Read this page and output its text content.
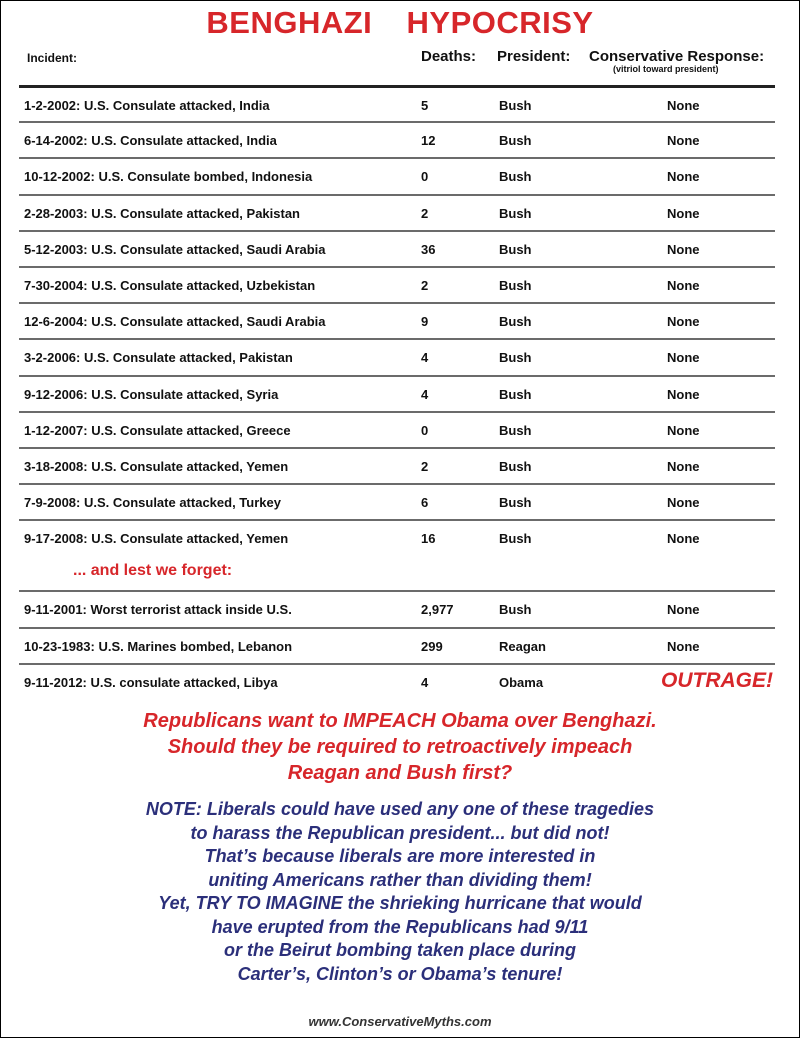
BENGHAZI  HYPOCRISY
Incident:	Deaths: President: Conservative Response:
(vitriol toward president)
1-2-2002: U.S. Consulate attacked, India	5	Bush	None
6-14-2002: U.S. Consulate attacked, India	12	Bush	None
10-12-2002: U.S. Consulate bombed, Indonesia	0	Bush	None
2-28-2003: U.S. Consulate attacked, Pakistan	2	Bush	None
5-12-2003: U.S. Consulate attacked, Saudi Arabia	36	Bush	None
7-30-2004: U.S. Consulate attacked, Uzbekistan	2	Bush	None
12-6-2004: U.S. Consulate attacked, Saudi Arabia	9	Bush	None
3-2-2006: U.S. Consulate attacked, Pakistan	4	Bush	None
9-12-2006: U.S. Consulate attacked, Syria	4	Bush	None
1-12-2007: U.S. Consulate attacked, Greece	0	Bush	None
3-18-2008: U.S. Consulate attacked, Yemen	2	Bush	None
7-9-2008: U.S. Consulate attacked, Turkey	6	Bush	None
9-17-2008: U.S. Consulate attacked, Yemen	16	Bush	None
9-11-2001: Worst terrorist attack inside U.S.	2,977	Bush	None
10-23-1983: U.S. Marines bombed, Lebanon	299	Reagan	None
9-11-2012: U.S. consulate attacked, Libya	4	Obama	OUTRAGE!
... and lest we forget:
Republicans want to IMPEACH Obama over Benghazi.
Should they be required to retroactively impeach
Reagan and Bush first?
NOTE: Liberals could have used any one of these tragedies
to harass the Republican president... but did not!
That’s because liberals are more interested in
uniting Americans rather than dividing them!
Yet, TRY TO IMAGINE the shrieking hurricane that would
have erupted from the Republicans had 9/11
or the Beirut bombing taken place during
Carter’s, Clinton’s or Obama’s tenure!
www.ConservativeMyths.com
